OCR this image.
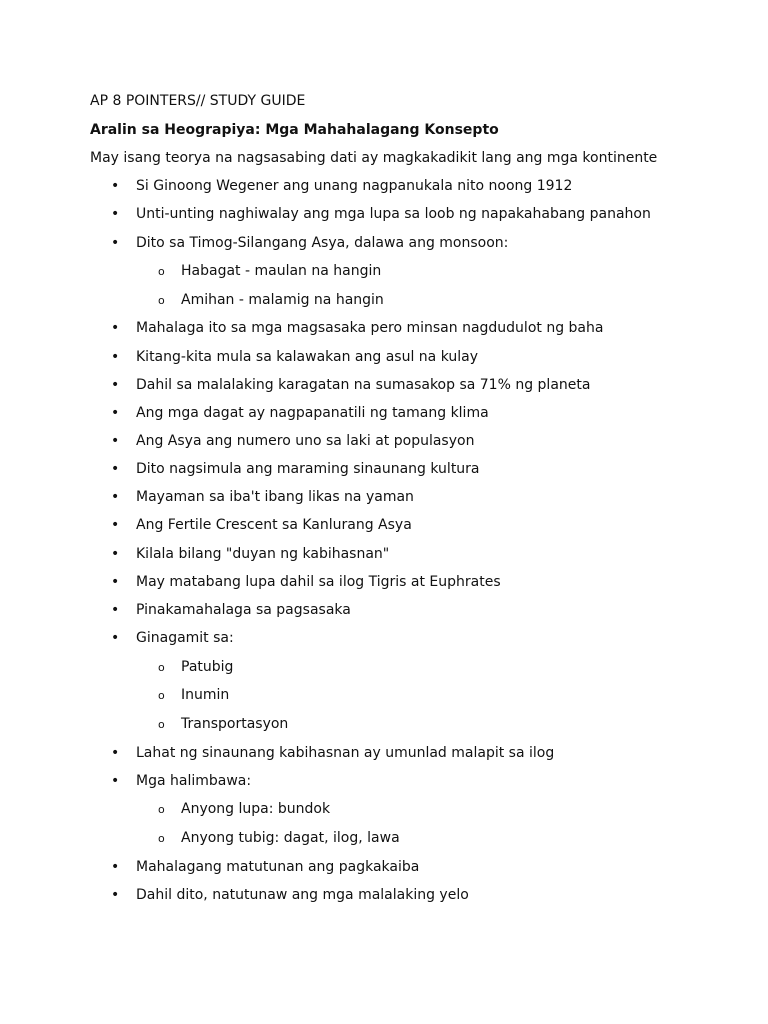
AP 8 POINTERS// STUDY GUIDE
Aralin sa Heograpiya: Mga Mahahalagang Konsepto
May isang teorya na nagsasabing dati ay magkakadikit lang ang mga kontinente
• Si Ginoong Wegener ang unang nagpanukala nito noong 1912
• Unti-unting naghiwalay ang mga lupa sa loob ng napakahabang panahon
• Dito sa Timog-Silangang Asya, dalawa ang monsoon:
o Habagat - maulan na hangin
o Amihan - malamig na hangin
• Mahalaga ito sa mga magsasaka pero minsan nagdudulot ng baha
• Kitang-kita mula sa kalawakan ang asul na kulay
• Dahil sa malalaking karagatan na sumasakop sa 71% ng planeta
• Ang mga dagat ay nagpapanatili ng tamang klima
• Ang Asya ang numero uno sa laki at populasyon
• Dito nagsimula ang maraming sinaunang kultura
• Mayaman sa iba't ibang likas na yaman
• Ang Fertile Crescent sa Kanlurang Asya
• Kilala bilang "duyan ng kabihasnan"
• May matabang lupa dahil sa ilog Tigris at Euphrates
• Pinakamahalaga sa pagsasaka
• Ginagamit sa:
o Patubig
o Inumin
o Transportasyon
• Lahat ng sinaunang kabihasnan ay umunlad malapit sa ilog
• Mga halimbawa:
o Anyong lupa: bundok
o Anyong tubig: dagat, ilog, lawa
• Mahalagang matutunan ang pagkakaiba
• Dahil dito, natutunaw ang mga malalaking yelo
